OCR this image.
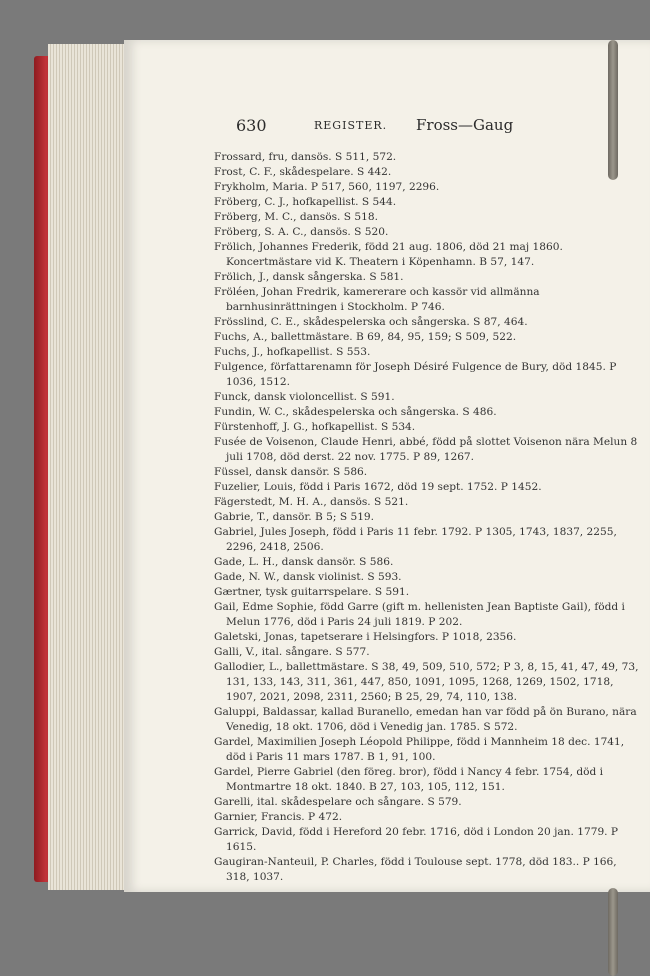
630	REGISTER. Fross—Gaug
Frossard, fru, dansös. S 511, 572.
Frost, C. F., skådespelare. S 442.
Frykholm, Maria. P 517, 560, 1197, 2296.
Fröberg, C. J., hofkapellist. S 544.
Fröberg, M. C., dansös. S 518.
Fröberg, S. A. C., dansös. S 520.
Frölich, Johannes Frederik, född 21 aug. 1806, död 21 maj 1860. Koncertmästare vid K. Theatern i Köpenhamn. B 57, 147.
Frölich, J., dansk sångerska. S 581.
Fröléen, Johan Fredrik, kamererare och kassör vid allmänna barnhusinrättningen i Stockholm. P 746.
Frösslind, C. E., skådespelerska och sångerska. S 87, 464.
Fuchs, A., ballettmästare. B 69, 84, 95, 159; S 509, 522.
Fuchs, J., hofkapellist. S 553.
Fulgence, författarenamn för Joseph Désiré Fulgence de Bury, död 1845. P 1036, 1512.
Funck, dansk violoncellist. S 591.
Fundin, W. C., skådespelerska och sångerska. S 486.
Fürstenhoff, J. G., hofkapellist. S 534.
Fusée de Voisenon, Claude Henri, abbé, född på slottet Voisenon nära Melun 8 juli 1708, död derst. 22 nov. 1775. P 89, 1267.
Füssel, dansk dansör. S 586.
Fuzelier, Louis, född i Paris 1672, död 19 sept. 1752. P 1452.
Fägerstedt, M. H. A., dansös. S 521.
Gabrie, T., dansör. B 5; S 519.
Gabriel, Jules Joseph, född i Paris 11 febr. 1792. P 1305, 1743, 1837, 2255, 2296, 2418, 2506.
Gade, L. H., dansk dansör. S 586.
Gade, N. W., dansk violinist. S 593.
Gærtner, tysk guitarrspelare. S 591.
Gail, Edme Sophie, född Garre (gift m. hellenisten Jean Baptiste Gail), född i Melun 1776, död i Paris 24 juli 1819. P 202.
Galetski, Jonas, tapetserare i Helsingfors. P 1018, 2356.
Galli, V., ital. sångare. S 577.
Gallodier, L., ballettmästare. S 38, 49, 509, 510, 572; P 3, 8, 15, 41, 47, 49, 73, 131, 133, 143, 311, 361, 447, 850, 1091, 1095, 1268, 1269, 1502, 1718, 1907, 2021, 2098, 2311, 2560; B 25, 29, 74, 110, 138.
Galuppi, Baldassar, kallad Buranello, emedan han var född på ön Burano, nära Venedig, 18 okt. 1706, död i Venedig jan. 1785. S 572.
Gardel, Maximilien Joseph Léopold Philippe, född i Mannheim 18 dec. 1741, död i Paris 11 mars 1787. B 1, 91, 100.
Gardel, Pierre Gabriel (den föreg. bror), född i Nancy 4 febr. 1754, död i Montmartre 18 okt. 1840. B 27, 103, 105, 112, 151.
Garelli, ital. skådespelare och sångare. S 579.
Garnier, Francis. P 472.
Garrick, David, född i Hereford 20 febr. 1716, död i London 20 jan. 1779. P 1615.
Gaugiran-Nanteuil, P. Charles, född i Toulouse sept. 1778, död 183.. P 166, 318, 1037.
